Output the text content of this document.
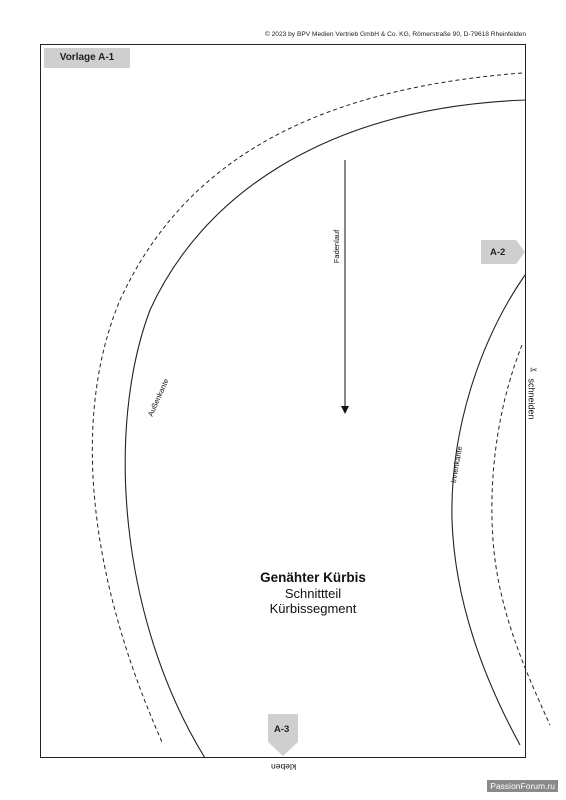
© 2023 by BPV Medien Vertrieb GmbH & Co. KG, Römerstraße 90, D-79618 Rheinfelden
Vorlage A-1
✂
Außenkante
Innenkante
Fadenlauf
schneiden
Genähter Kürbis
Schnittteil
Kürbissegment
A-2
A-3
kleben
PassionForum.ru
